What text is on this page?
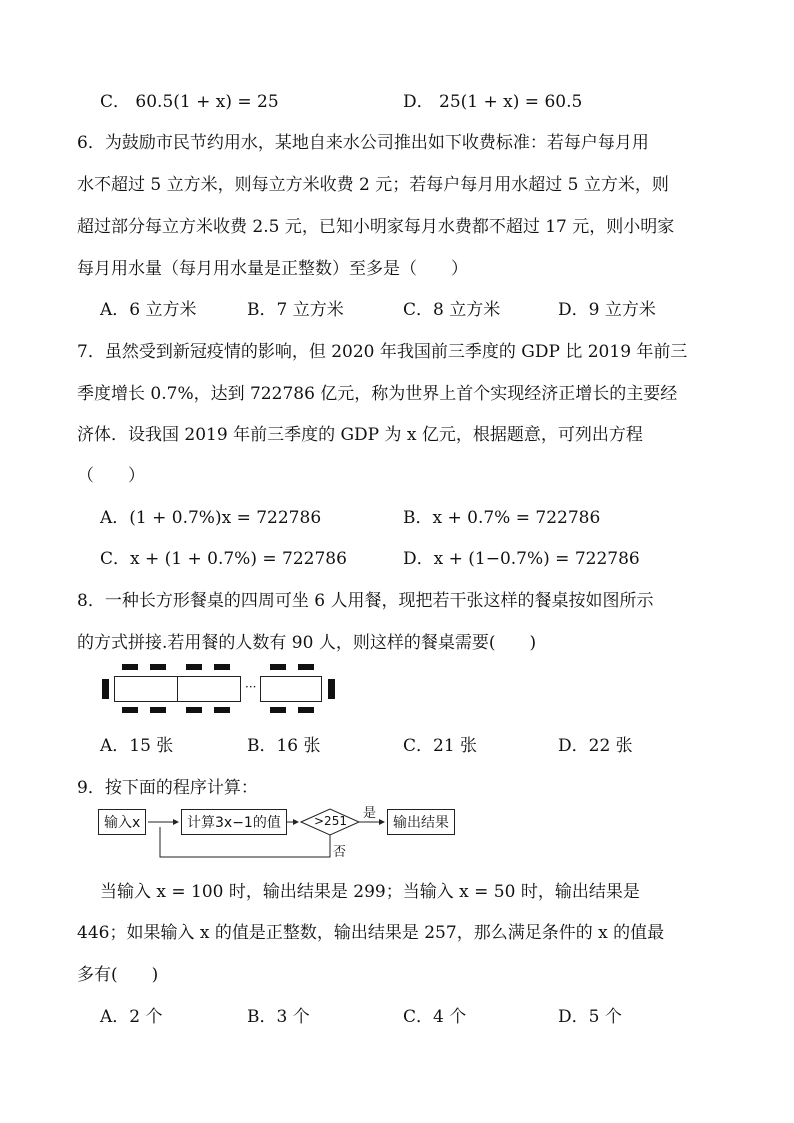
C． 60.5(1 + x) = 25	D． 25(1 + x) = 60.5
6．为鼓励市民节约用水，某地自来水公司推出如下收费标准：若每户每月用
水不超过 5 立方米，则每立方米收费 2 元；若每户每月用水超过 5 立方米，则
超过部分每立方米收费 2.5 元，已知小明家每月水费都不超过 17 元，则小明家
每月用水量（每月用水量是正整数）至多是（　　）
A．6 立方米	B．7 立方米	C．8 立方米	D．9 立方米
7．虽然受到新冠疫情的影响，但 2020 年我国前三季度的 GDP 比 2019 年前三
季度增长 0.7%，达到 722786 亿元，称为世界上首个实现经济正增长的主要经
济体．设我国 2019 年前三季度的 GDP 为 x 亿元，根据题意，可列出方程
（　　）
A．(1 + 0.7%)x = 722786	B．x + 0.7% = 722786
C．x + (1 + 0.7%) = 722786	D．x + (1−0.7%) = 722786
8．一种长方形餐桌的四周可坐 6 人用餐，现把若干张这样的餐桌按如图所示
的方式拼接.若用餐的人数有 90 人，则这样的餐桌需要(　　)
···
A．15 张	B．16 张	C．21 张	D．22 张
9．按下面的程序计算：
输入x	计算3x−1的值	>251 是
否
输出结果
当输入 x = 100 时，输出结果是 299；当输入 x = 50 时，输出结果是
446；如果输入 x 的值是正整数，输出结果是 257，那么满足条件的 x 的值最
多有(　　)
A．2 个	B．3 个	C．4 个	D．5 个
